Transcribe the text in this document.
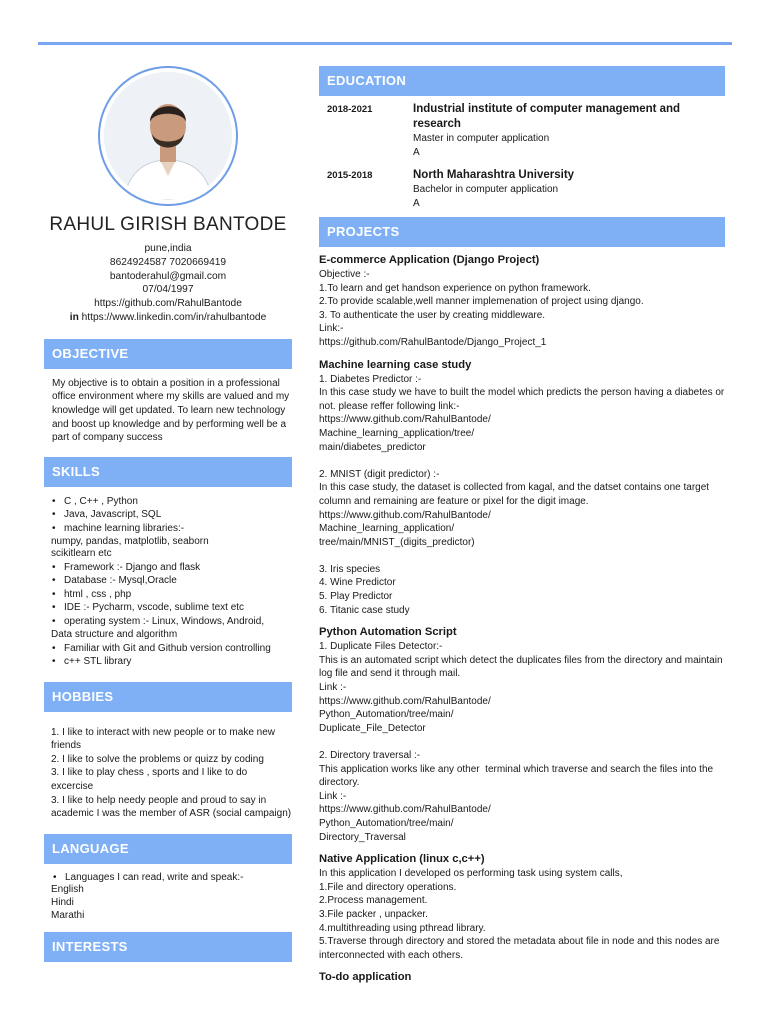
RAHUL GIRISH BANTODE
pune,india
8624924587 7020669419
bantoderahul@gmail.com
07/04/1997
https://github.com/RahulBantode
in https://www.linkedin.com/in/rahulbantode
OBJECTIVE
My objective is to obtain a position in a professional office environment where my skills are valued and my knowledge will get updated. To learn new technology and boost up knowledge and by performing well be a part of company success
SKILLS
• C , C++ , Python
• Java, Javascript, SQL
• machine learning libraries:-
numpy, pandas, matplotlib, seaborn
scikitlearn etc
• Framework :- Django and flask
• Database :- Mysql,Oracle
• html , css , php
• IDE :- Pycharm, vscode, sublime text etc
• operating system :- Linux, Windows, Android,
Data structure and algorithm
• Familiar with Git and Github version controlling
• c++ STL library
HOBBIES
1. I like to interact with new people or to make new friends
2. I like to solve the problems or quizz by coding
3. I like to play chess , sports and I like to do excercise
3. I like to help needy people and proud to say in academic I was the member of ASR (social campaign)
LANGUAGE
• Languages I can read, write and speak:-
English
Hindi
Marathi
INTERESTS
EDUCATION
2018-2021	Industrial institute of computer management and research
Master in computer application
A
2015-2018	North Maharashtra University
Bachelor in computer application
A
PROJECTS
E-commerce Application (Django Project)
Objective :-
1.To learn and get handson experience on python framework.
2.To provide scalable,well manner implemenation of project using django.
3. To authenticate the user by creating middleware.
Link:-
https://github.com/RahulBantode/Django_Project_1
Machine learning case study
1. Diabetes Predictor :-
In this case study we have to built the model which predicts the person having a diabetes or not. please reffer following link:-
https://www.github.com/RahulBantode/
Machine_learning_application/tree/
main/diabetes_predictor

2. MNIST (digit predictor) :-
In this case study, the dataset is collected from kagal, and the datset contains one target column and remaining are feature or pixel for the digit image.
https://www.github.com/RahulBantode/
Machine_learning_application/
tree/main/MNIST_(digits_predictor)

3. Iris species
4. Wine Predictor
5. Play Predictor
6. Titanic case study
Python Automation Script
1. Duplicate Files Detector:-
This is an automated script which detect the duplicates files from the directory and maintain log file and send it through mail.
Link :-
https://www.github.com/RahulBantode/
Python_Automation/tree/main/
Duplicate_File_Detector

2. Directory traversal :-
This application works like any other  terminal which traverse and search the files into the directory.
Link :-
https://www.github.com/RahulBantode/
Python_Automation/tree/main/
Directory_Traversal
Native Application (linux c,c++)
In this application I developed os performing task using system calls,
1.File and directory operations.
2.Process management.
3.File packer , unpacker.
4.multithreading using pthread library.
5.Traverse through directory and stored the metadata about file in node and this nodes are interconnected with each others.
To-do application
